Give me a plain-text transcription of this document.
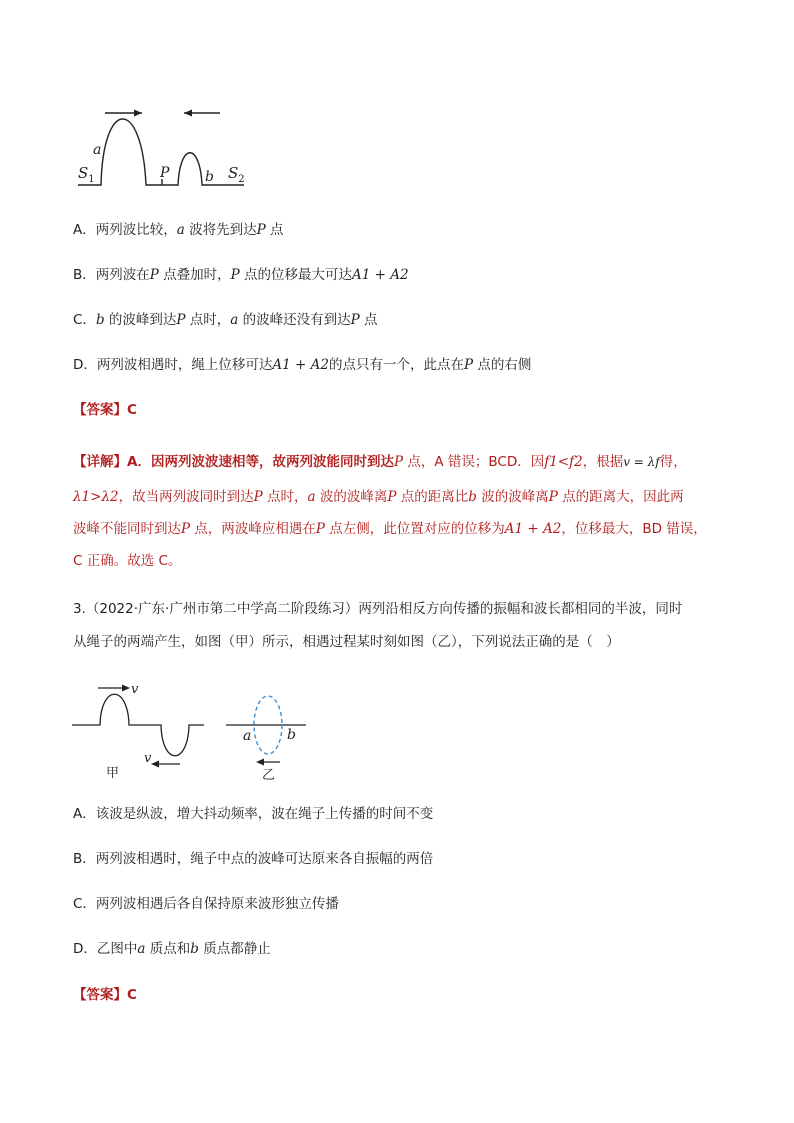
a
$S_1$	P	b $S_2$
A．两列波比较，a 波将先到达P 点
B．两列波在P 点叠加时，P 点的位移最大可达A1 + A2
C．b 的波峰到达P 点时，a 的波峰还没有到达P 点
D．两列波相遇时，绳上位移可达A1 + A2的点只有一个，此点在P 点的右侧
【答案】C
【详解】A．因两列波波速相等，故两列波能同时到达P 点，A 错误；BCD．因f1<f2，根据v = λf得，
λ1>λ2，故当两列波同时到达P 点时，a 波的波峰离P 点的距离比b 波的波峰离P 点的距离大，因此两
波峰不能同时到达P 点，两波峰应相遇在P 点左侧，此位置对应的位移为A1 + A2，位移最大，BD 错误，
C 正确。故选 C。
3.（2022·广东·广州市第二中学高二阶段练习）两列沿相反方向传播的振幅和波长都相同的半波，同时
从绳子的两端产生，如图（甲）所示，相遇过程某时刻如图（乙），下列说法正确的是（　）
v
v
甲
a	b
乙
A．该波是纵波，增大抖动频率，波在绳子上传播的时间不变
B．两列波相遇时，绳子中点的波峰可达原来各自振幅的两倍
C．两列波相遇后各自保持原来波形独立传播
D．乙图中a 质点和b 质点都静止
【答案】C
